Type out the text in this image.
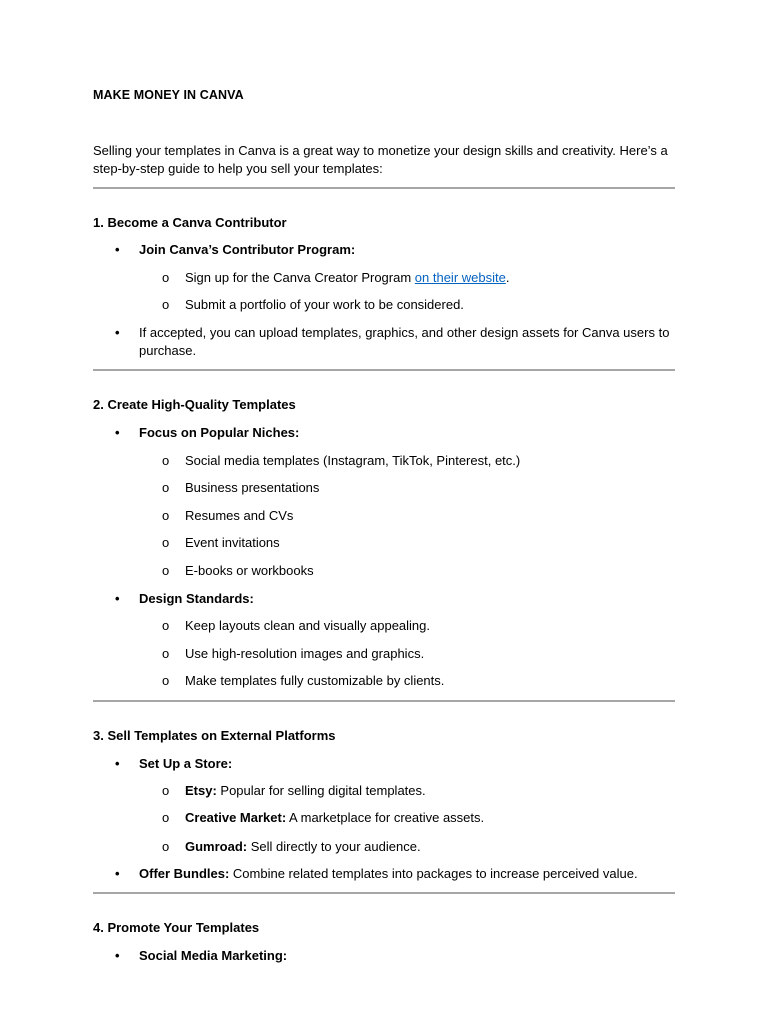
MAKE MONEY IN CANVA
Selling your templates in Canva is a great way to monetize your design skills and creativity. Here’s a step-by-step guide to help you sell your templates:
1. Become a Canva Contributor
• Join Canva’s Contributor Program:
o Sign up for the Canva Creator Program on their website.
o Submit a portfolio of your work to be considered.
• If accepted, you can upload templates, graphics, and other design assets for Canva users to purchase.
2. Create High-Quality Templates
• Focus on Popular Niches:
o Social media templates (Instagram, TikTok, Pinterest, etc.)
o Business presentations
o Resumes and CVs
o Event invitations
o E-books or workbooks
• Design Standards:
o Keep layouts clean and visually appealing.
o Use high-resolution images and graphics.
o Make templates fully customizable by clients.
3. Sell Templates on External Platforms
• Set Up a Store:
o Etsy: Popular for selling digital templates.
o Creative Market: A marketplace for creative assets.
o Gumroad: Sell directly to your audience.
• Offer Bundles: Combine related templates into packages to increase perceived value.
4. Promote Your Templates
• Social Media Marketing:
